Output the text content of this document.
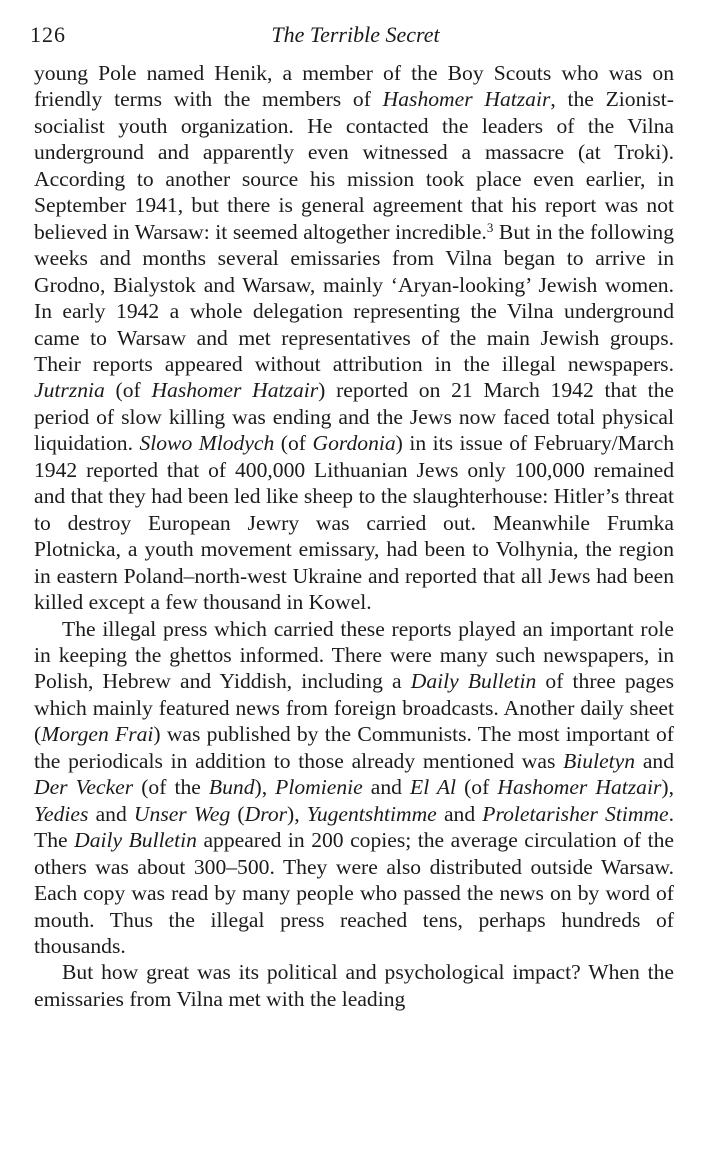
126	The Terrible Secret

young Pole named Henik, a member of the Boy Scouts who was on friendly terms with the members of Hashomer Hatzair, the Zionist-socialist youth organization. He contacted the leaders of the Vilna underground and apparently even witnessed a massacre (at Troki). According to another source his mission took place even earlier, in September 1941, but there is general agreement that his report was not believed in Warsaw: it seemed altogether incredible.$^3$ But in the following weeks and months several emissaries from Vilna began to arrive in Grodno, Bialystok and Warsaw, mainly ‘Aryan-looking’ Jewish women. In early 1942 a whole delegation representing the Vilna underground came to Warsaw and met representatives of the main Jewish groups. Their reports appeared without attribution in the illegal newspapers. Jutrznia (of Hashomer Hatzair) reported on 21 March 1942 that the period of slow killing was ending and the Jews now faced total physical liquidation. Slowo Mlodych (of Gordonia) in its issue of February/March 1942 reported that of 400,000 Lithuanian Jews only 100,000 remained and that they had been led like sheep to the slaughterhouse: Hitler’s threat to destroy European Jewry was carried out. Meanwhile Frumka Plotnicka, a youth movement emissary, had been to Volhynia, the region in eastern Poland–north-west Ukraine and reported that all Jews had been killed except a few thousand in Kowel.

The illegal press which carried these reports played an important role in keeping the ghettos informed. There were many such newspapers, in Polish, Hebrew and Yiddish, including a Daily Bulletin of three pages which mainly featured news from foreign broadcasts. Another daily sheet (Morgen Frai) was published by the Communists. The most important of the periodicals in addition to those already mentioned was Biuletyn and Der Vecker (of the Bund), Plomienie and El Al (of Hashomer Hatzair), Yedies and Unser Weg (Dror), Yugentshtimme and Proletarisher Stimme. The Daily Bulletin appeared in 200 copies; the average circulation of the others was about 300–500. They were also distributed outside Warsaw. Each copy was read by many people who passed the news on by word of mouth. Thus the illegal press reached tens, perhaps hundreds of thousands.

But how great was its political and psychological impact? When the emissaries from Vilna met with the leading
